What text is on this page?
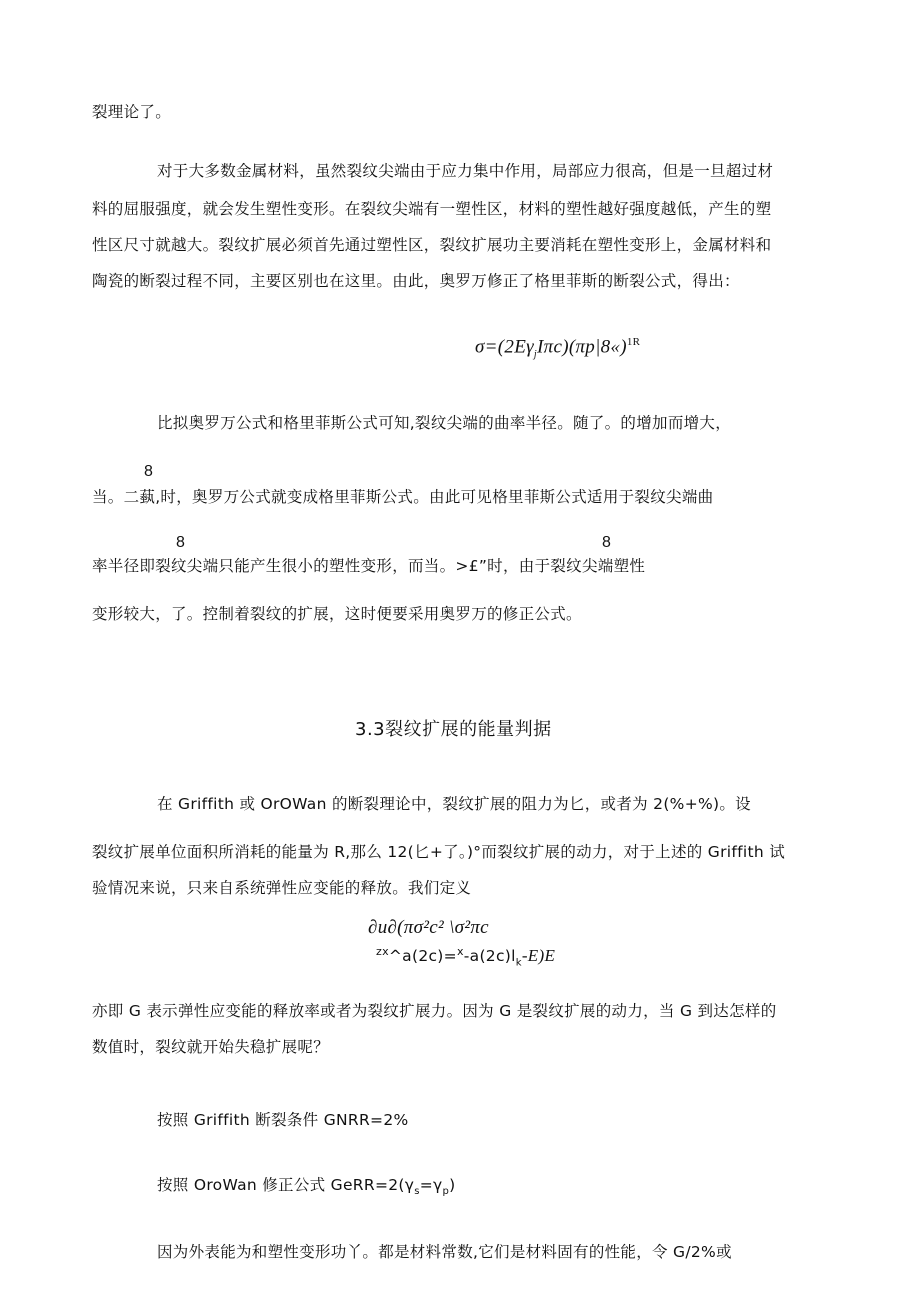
裂理论了。
对于大多数金属材料，虽然裂纹尖端由于应力集中作用，局部应力很高，但是一旦超过材
料的屈服强度，就会发生塑性变形。在裂纹尖端有一塑性区，材料的塑性越好强度越低，产生的塑
性区尺寸就越大。裂纹扩展必须首先通过塑性区，裂纹扩展功主要消耗在塑性变形上，金属材料和
陶瓷的断裂过程不同，主要区别也在这里。由此，奥罗万修正了格里菲斯的断裂公式，得出：
$\sigma=(2E\gamma_jI\pi c)(\pi p|8«)^{1R}$
比拟奥罗万公式和格里菲斯公式可知,裂纹尖端的曲率半径。随了。的增加而增大，
8
当。二蓺,时，奥罗万公式就变成格里菲斯公式。由此可见格里菲斯公式适用于裂纹尖端曲
8	8
率半径即裂纹尖端只能产生很小的塑性变形，而当。>£”时，由于裂纹尖端塑性
变形较大，了。控制着裂纹的扩展，这时便要采用奥罗万的修正公式。
3.3裂纹扩展的能量判据
在 Griffith 或 OrOWan 的断裂理论中，裂纹扩展的阻力为匕，或者为 2(%+%)。设
裂纹扩展单位面积所消耗的能量为 R,那么 12(匕+了。)°而裂纹扩展的动力，对于上述的 Griffith 试
验情况来说，只来自系统弹性应变能的释放。我们定义
∂u∂(πσ²c² \σ²πc
$^{zx}\^{}a(2c)=^x-a(2c)l_k-E)E$
亦即 G 表示弹性应变能的释放率或者为裂纹扩展力。因为 G 是裂纹扩展的动力，当 G 到达怎样的
数值时，裂纹就开始失稳扩展呢？
按照 Griffith 断裂条件 GNRR=2%
按照 OroWan 修正公式 $GeRR=2(\gamma_s=\gamma_p)$
因为外表能为和塑性变形功丫。都是材料常数,它们是材料固有的性能，令 G/2%或
